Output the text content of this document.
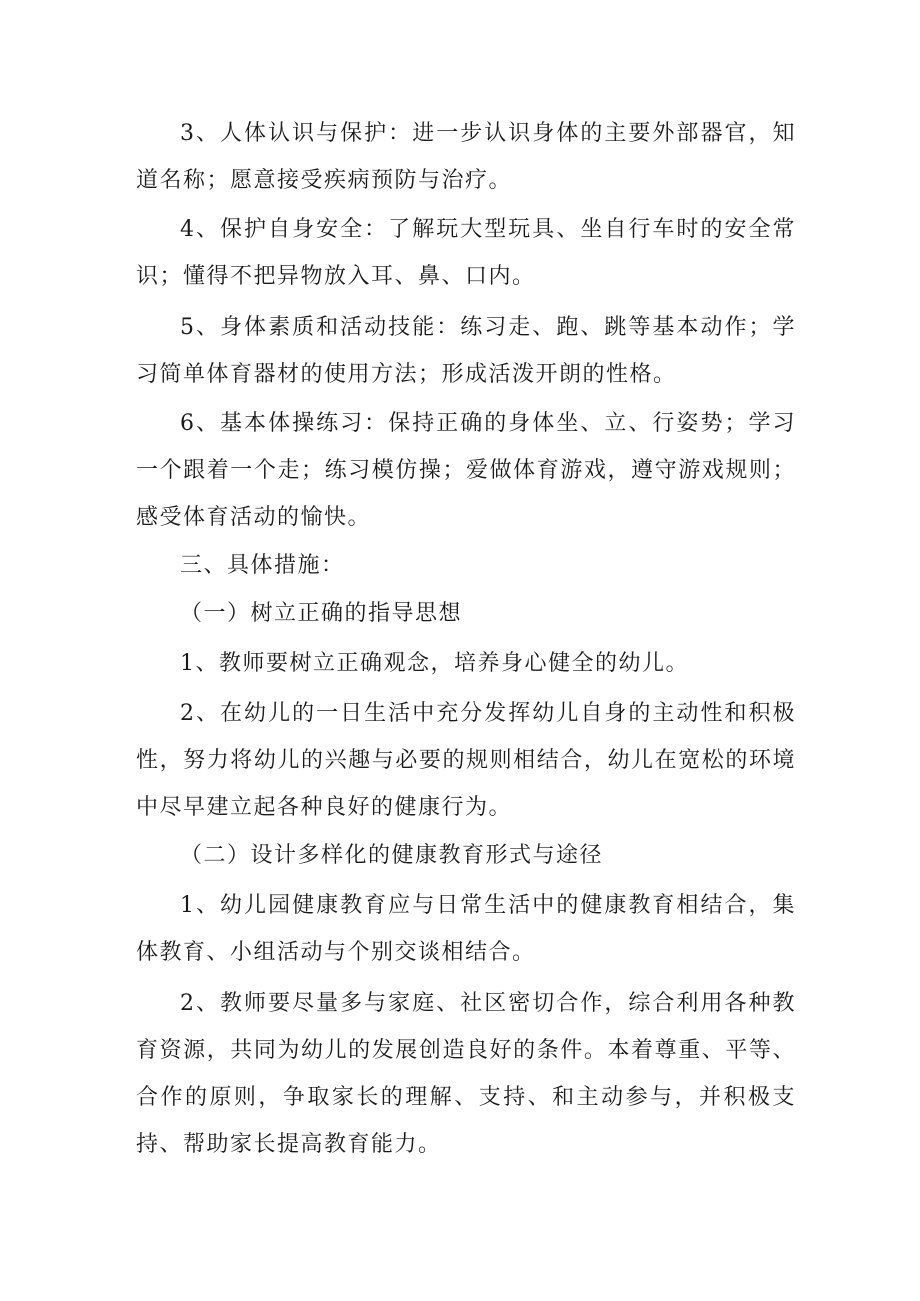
3、人体认识与保护：进一步认识身体的主要外部器官，知道名称；愿意接受疾病预防与治疗。

4、保护自身安全：了解玩大型玩具、坐自行车时的安全常识；懂得不把异物放入耳、鼻、口内。

5、身体素质和活动技能：练习走、跑、跳等基本动作；学习简单体育器材的使用方法；形成活泼开朗的性格。

6、基本体操练习：保持正确的身体坐、立、行姿势；学习一个跟着一个走；练习模仿操；爱做体育游戏，遵守游戏规则；感受体育活动的愉快。

三、具体措施：

（一）树立正确的指导思想

1、教师要树立正确观念，培养身心健全的幼儿。

2、在幼儿的一日生活中充分发挥幼儿自身的主动性和积极性，努力将幼儿的兴趣与必要的规则相结合，幼儿在宽松的环境中尽早建立起各种良好的健康行为。

（二）设计多样化的健康教育形式与途径

1、幼儿园健康教育应与日常生活中的健康教育相结合，集体教育、小组活动与个别交谈相结合。

2、教师要尽量多与家庭、社区密切合作，综合利用各种教育资源，共同为幼儿的发展创造良好的条件。本着尊重、平等、合作的原则，争取家长的理解、支持、和主动参与，并积极支持、帮助家长提高教育能力。
